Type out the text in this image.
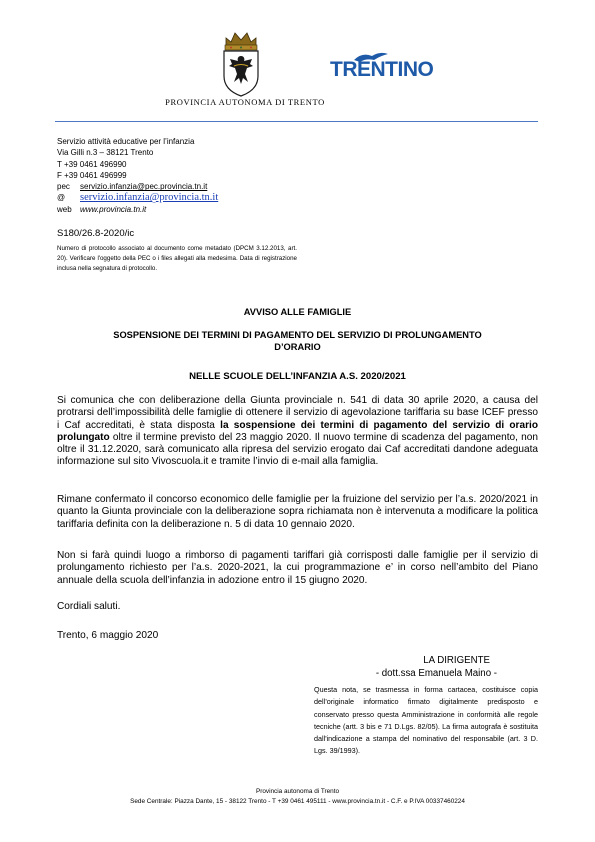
PROVINCIA AUTONOMA DI TRENTO
TRENTINO
Servizio attività educative per l’infanzia
Via Gilli n.3 – 38121 Trento
T +39 0461 496990
F +39 0461 496999
pec servizio.infanzia@pec.provincia.tn.it
@ servizio.infanzia@provincia.tn.it
web www.provincia.tn.it
S180/26.8-2020/ic
Numero di protocollo associato al documento come metadato (DPCM 3.12.2013, art. 20). Verificare l'oggetto della PEC o i files allegati alla medesima. Data di registrazione inclusa nella segnatura di protocollo.
AVVISO ALLE FAMIGLIE
SOSPENSIONE DEI TERMINI DI PAGAMENTO DEL SERVIZIO DI PROLUNGAMENTO
D’ORARIO
NELLE SCUOLE DELL’INFANZIA A.S. 2020/2021
Si comunica che con deliberazione della Giunta provinciale n. 541 di data 30 aprile 2020, a causa del protrarsi dell’impossibilità delle famiglie di ottenere il servizio di agevolazione tariffaria su base ICEF presso i Caf accreditati, è stata disposta la sospensione dei termini di pagamento del servizio di orario prolungato oltre il termine previsto del 23 maggio 2020. Il nuovo termine di scadenza del pagamento, non oltre il 31.12.2020, sarà comunicato alla ripresa del servizio erogato dai Caf accreditati dandone adeguata informazione sul sito Vivoscuola.it e tramite l’invio di e-mail alla famiglia.
Rimane confermato il concorso economico delle famiglie per la fruizione del servizio per l’a.s. 2020/2021 in quanto la Giunta provinciale con la deliberazione sopra richiamata non è intervenuta a modificare la politica tariffaria definita con la deliberazione n. 5 di data 10 gennaio 2020.
Non si farà quindi luogo a rimborso di pagamenti tariffari già corrisposti dalle famiglie per il servizio di prolungamento richiesto per l’a.s. 2020-2021, la cui programmazione e’ in corso nell’ambito del Piano annuale della scuola dell’infanzia in adozione entro il 15 giugno 2020.
Cordiali saluti.
Trento, 6 maggio 2020
LA DIRIGENTE
- dott.ssa Emanuela Maino -
Questa nota, se trasmessa in forma cartacea, costituisce copia dell’originale informatico firmato digitalmente predisposto e conservato presso questa Amministrazione in conformità alle regole tecniche (artt. 3 bis e 71 D.Lgs. 82/05). La firma autografa è sostituita dall'indicazione a stampa del nominativo del responsabile (art. 3 D. Lgs. 39/1993).
Provincia autonoma di Trento
Sede Centrale: Piazza Dante, 15 - 38122 Trento - T +39 0461 495111 - www.provincia.tn.it - C.F. e P.IVA 00337460224
